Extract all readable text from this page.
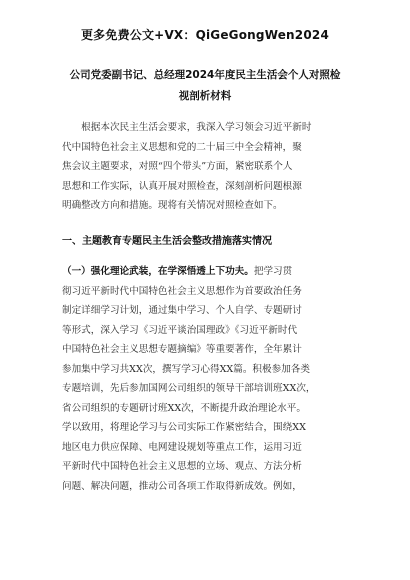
更多免费公文+VX：QiGeGongWen2024
公司党委副书记、总经理2024年度民主生活会个人对照检
视剖析材料
　　根据本次民主生活会要求，我深入学习领会习近平新时
代中国特色社会主义思想和党的二十届三中全会精神，聚
焦会议主题要求，对照“四个带头”方面，紧密联系个人
思想和工作实际，认真开展对照检查，深刻剖析问题根源
明确整改方向和措施。现将有关情况对照检查如下。
一、主题教育专题民主生活会整改措施落实情况
（一）强化理论武装，在学深悟透上下功夫。把学习贯
彻习近平新时代中国特色社会主义思想作为首要政治任务
制定详细学习计划，通过集中学习、个人自学、专题研讨
等形式，深入学习《习近平谈治国理政》《习近平新时代
中国特色社会主义思想专题摘编》等重要著作，全年累计
参加集中学习共XX次，撰写学习心得XX篇。积极参加各类
专题培训，先后参加国网公司组织的领导干部培训班XX次，
省公司组织的专题研讨班XX次，不断提升政治理论水平。
学以致用，将理论学习与公司实际工作紧密结合，围绕XX
地区电力供应保障、电网建设规划等重点工作，运用习近
平新时代中国特色社会主义思想的立场、观点、方法分析
问题、解决问题，推动公司各项工作取得新成效。例如，
